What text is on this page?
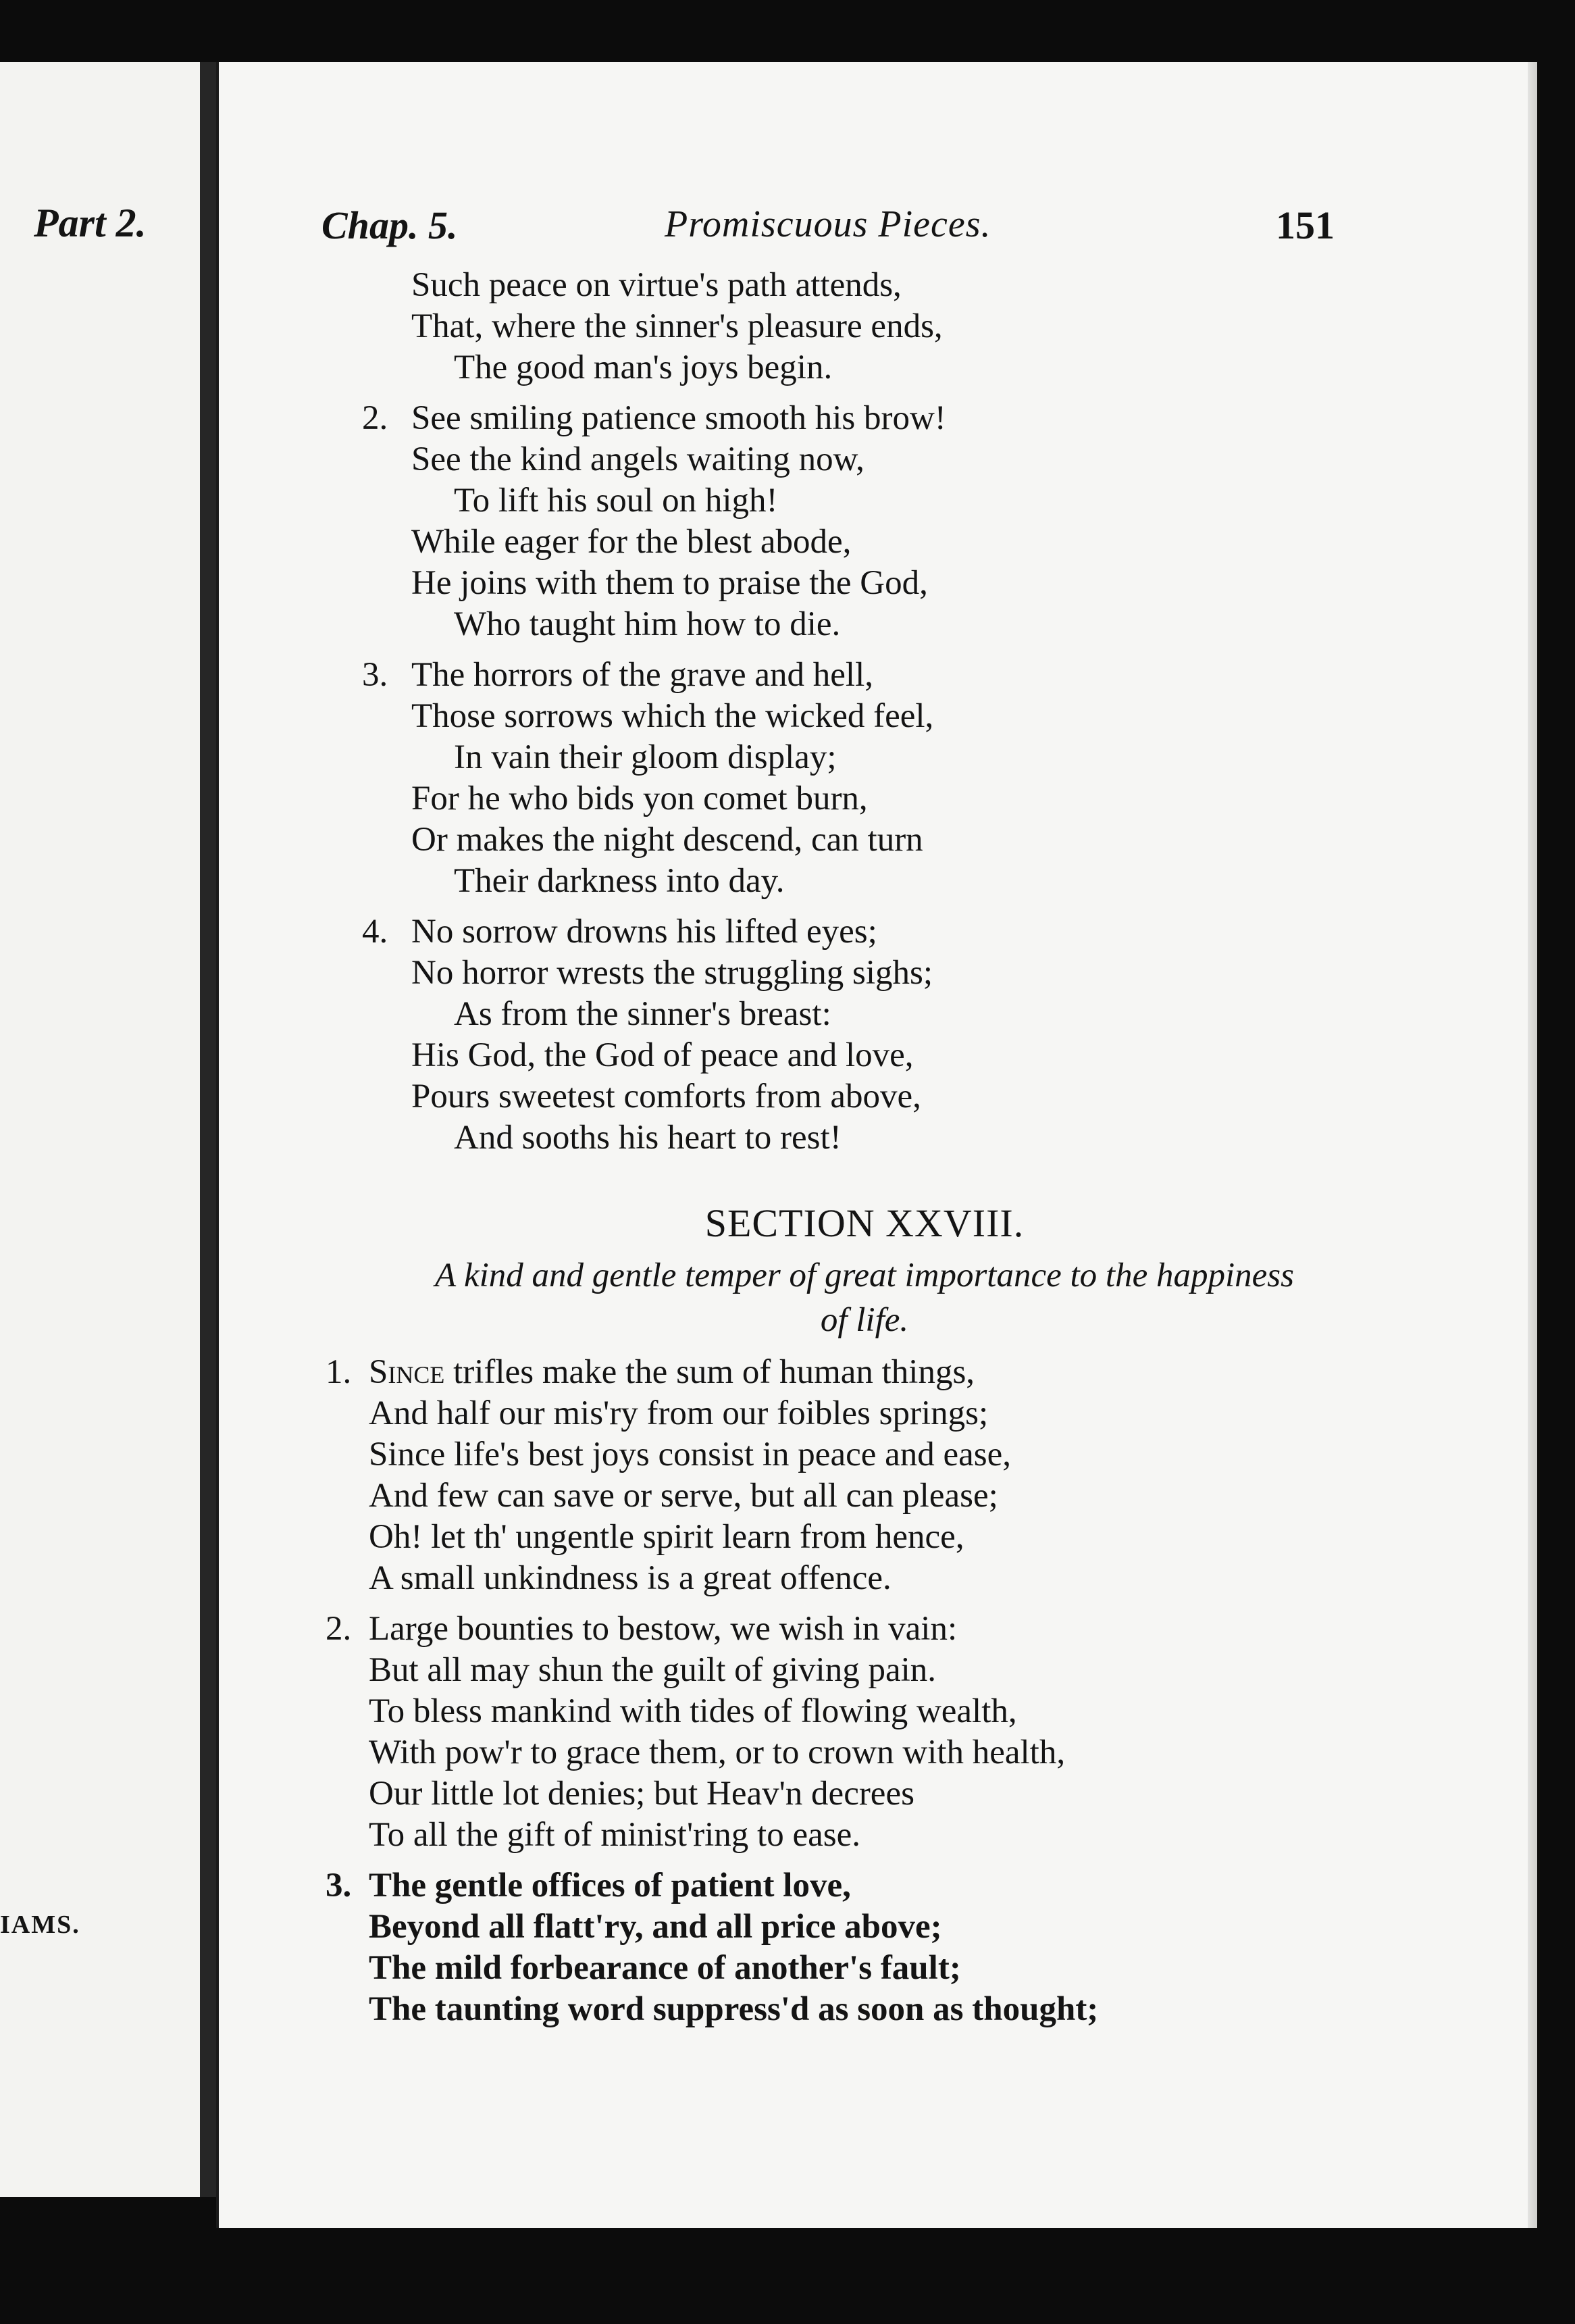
Part 2.
IAMS.
Chap. 5.	Promiscuous Pieces.	151
Such peace on virtue's path attends,
That, where the sinner's pleasure ends,
The good man's joys begin.
2. See smiling patience smooth his brow!
See the kind angels waiting now,
To lift his soul on high!
While eager for the blest abode,
He joins with them to praise the God,
Who taught him how to die.
3. The horrors of the grave and hell,
Those sorrows which the wicked feel,
In vain their gloom display;
For he who bids yon comet burn,
Or makes the night descend, can turn
Their darkness into day.
4. No sorrow drowns his lifted eyes;
No horror wrests the struggling sighs;
As from the sinner's breast:
His God, the God of peace and love,
Pours sweetest comforts from above,
And sooths his heart to rest!
SECTION XXVIII.
A kind and gentle temper of great importance to the happiness
of life.
1. Since trifles make the sum of human things,
And half our mis'ry from our foibles springs;
Since life's best joys consist in peace and ease,
And few can save or serve, but all can please;
Oh! let th' ungentle spirit learn from hence,
A small unkindness is a great offence.
2. Large bounties to bestow, we wish in vain:
But all may shun the guilt of giving pain.
To bless mankind with tides of flowing wealth,
With pow'r to grace them, or to crown with health,
Our little lot denies; but Heav'n decrees
To all the gift of minist'ring to ease.
3. The gentle offices of patient love,
Beyond all flatt'ry, and all price above;
The mild forbearance of another's fault;
The taunting word suppress'd as soon as thought;
